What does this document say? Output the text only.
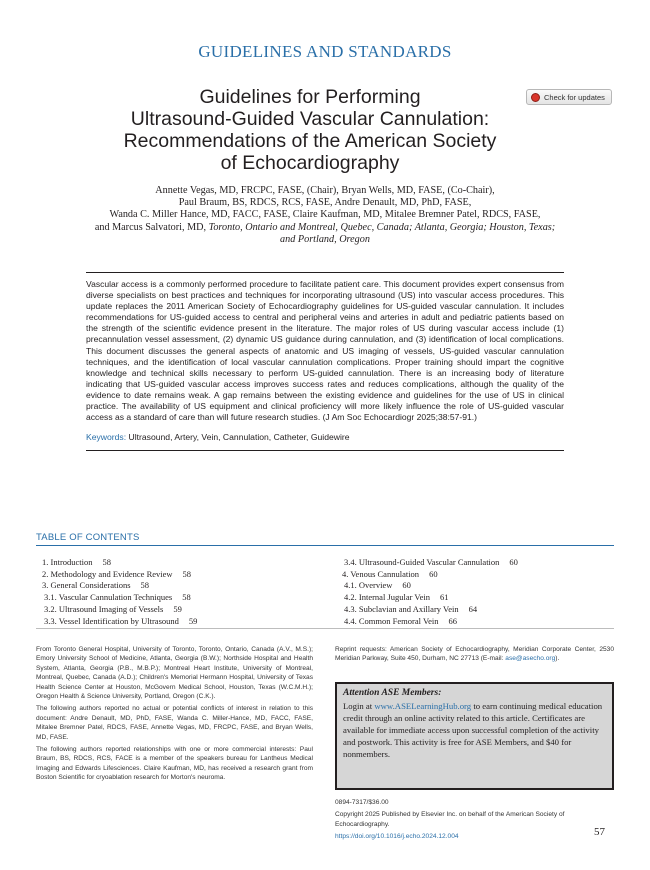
GUIDELINES AND STANDARDS
Check for updates
Guidelines for Performing
Ultrasound-Guided Vascular Cannulation:
Recommendations of the American Society
of Echocardiography
Annette Vegas, MD, FRCPC, FASE, (Chair), Bryan Wells, MD, FASE, (Co-Chair),
Paul Braum, BS, RDCS, RCS, FASE, Andre Denault, MD, PhD, FASE,
Wanda C. Miller Hance, MD, FACC, FASE, Claire Kaufman, MD, Mitalee Bremner Patel, RDCS, FASE,
and Marcus Salvatori, MD, Toronto, Ontario and Montreal, Quebec, Canada; Atlanta, Georgia; Houston, Texas;
and Portland, Oregon
Vascular access is a commonly performed procedure to facilitate patient care. This document provides expert consensus from diverse specialists on best practices and techniques for incorporating ultrasound (US) into vascular access procedures. This update replaces the 2011 American Society of Echocardiography guidelines for US-guided vascular cannulation. It includes recommendations for US-guided access to central and peripheral veins and arteries in adult and pediatric patients based on the strength of the scientific evidence present in the literature. The major roles of US during vascular access include (1) precannulation vessel assessment, (2) dynamic US guidance during cannulation, and (3) identification of local complications. This document discusses the general aspects of anatomic and US imaging of vessels, US-guided vascular cannulation techniques, and the identification of local vascular cannulation complications. Proper training should impart the cognitive knowledge and technical skills necessary to perform US-guided cannulation. There is an increasing body of literature indicating that US-guided vascular access improves success rates and reduces complications, although the quality of the evidence to date remains weak. A gap remains between the existing evidence and guidelines for the use of US in clinical practice. The availability of US equipment and clinical proficiency will more likely influence the role of US-guided vascular access as a standard of care than will future research studies. (J Am Soc Echocardiogr 2025;38:57-91.)
Keywords: Ultrasound, Artery, Vein, Cannulation, Catheter, Guidewire
TABLE OF CONTENTS
1. Introduction 58
2. Methodology and Evidence Review 58
3. General Considerations 58
3.1. Vascular Cannulation Techniques 58
3.2. Ultrasound Imaging of Vessels 59
3.3. Vessel Identification by Ultrasound 59
3.4. Ultrasound-Guided Vascular Cannulation 60
4. Venous Cannulation 60
4.1. Overview 60
4.2. Internal Jugular Vein 61
4.3. Subclavian and Axillary Vein 64
4.4. Common Femoral Vein 66

From Toronto General Hospital, University of Toronto, Toronto, Ontario, Canada (A.V., M.S.); Emory University School of Medicine, Atlanta, Georgia (B.W.); Northside Hospital and Health System, Atlanta, Georgia (P.B., M.B.P.); Montreal Heart Institute, University of Montreal, Montreal, Quebec, Canada (A.D.); Children's Memorial Hermann Hospital, University of Texas Health Science Center at Houston, McGovern Medical School, Houston, Texas (W.C.M.H.); Oregon Health & Science University, Portland, Oregon (C.K.).

The following authors reported no actual or potential conflicts of interest in relation to this document: Andre Denault, MD, PhD, FASE, Wanda C. Miller-Hance, MD, FACC, FASE, Mitalee Bremner Patel, RDCS, FASE, Annette Vegas, MD, FRCPC, FASE, and Bryan Wells, MD, FASE.

The following authors reported relationships with one or more commercial interests: Paul Braum, BS, RDCS, RCS, FACE is a member of the speakers bureau for Lantheus Medical Imaging and Edwards Lifesciences. Claire Kaufman, MD, has received a research grant from Boston Scientific for cryoablation research for Morton's neuroma.

Reprint requests: American Society of Echocardiography, Meridian Corporate Center, 2530 Meridian Parkway, Suite 450, Durham, NC 27713 (E-mail: ase@asecho.org).
Attention ASE Members:
Login at www.ASELearningHub.org to earn continuing medical education credit through an online activity related to this article. Certificates are available for immediate access upon successful completion of the activity and postwork. This activity is free for ASE Members, and $40 for nonmembers.
0894-7317/$36.00
Copyright 2025 Published by Elsevier Inc. on behalf of the American Society of Echocardiography.
https://doi.org/10.1016/j.echo.2024.12.004	57
